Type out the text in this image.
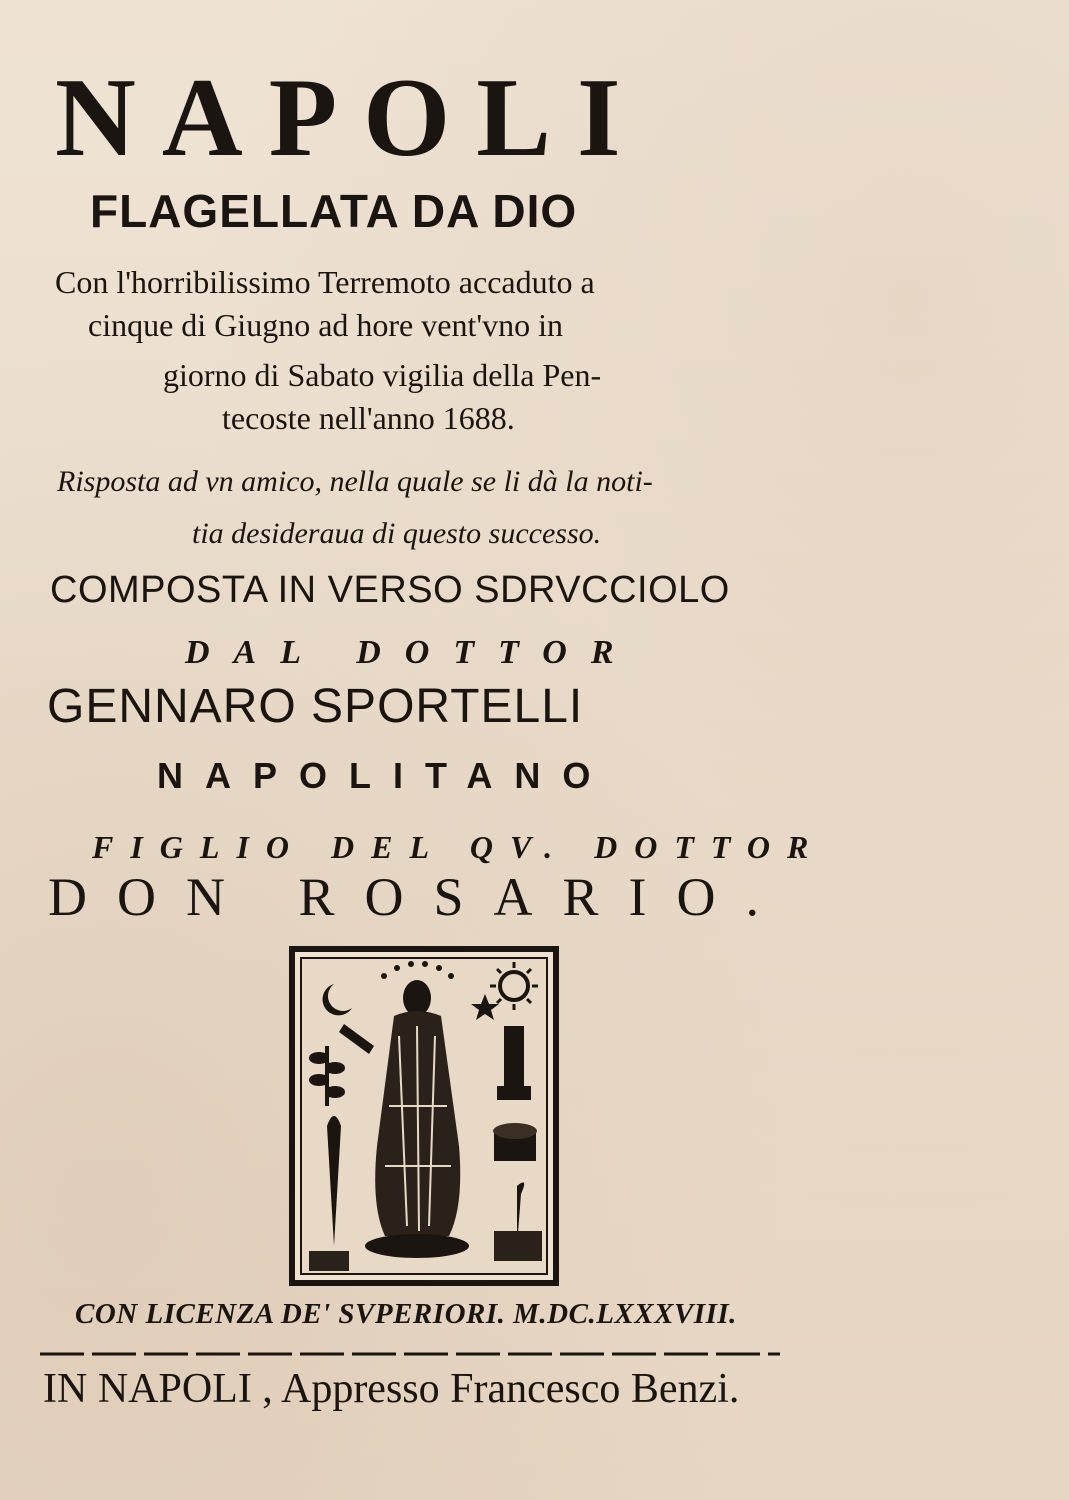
NAPOLI
FLAGELLATA DA DIO
Con l'horribilissimo Terremoto accaduto a
cinque di Giugno ad hore vent'vno in
giorno di Sabato vigilia della Pen-
tecoste nell'anno 1688.
Risposta ad vn amico, nella quale se li dà la noti-
tia desideraua di questo successo.
COMPOSTA IN VERSO SDRVCCIOLO
DAL DOTTOR
GENNARO SPORTELLI
NAPOLITANO
FIGLIO DEL QV. DOTTOR
DON ROSARIO.
CON LICENZA DE' SVPERIORI. M.DC.LXXXVIII.
IN NAPOLI , Appresso Francesco Benzi.
